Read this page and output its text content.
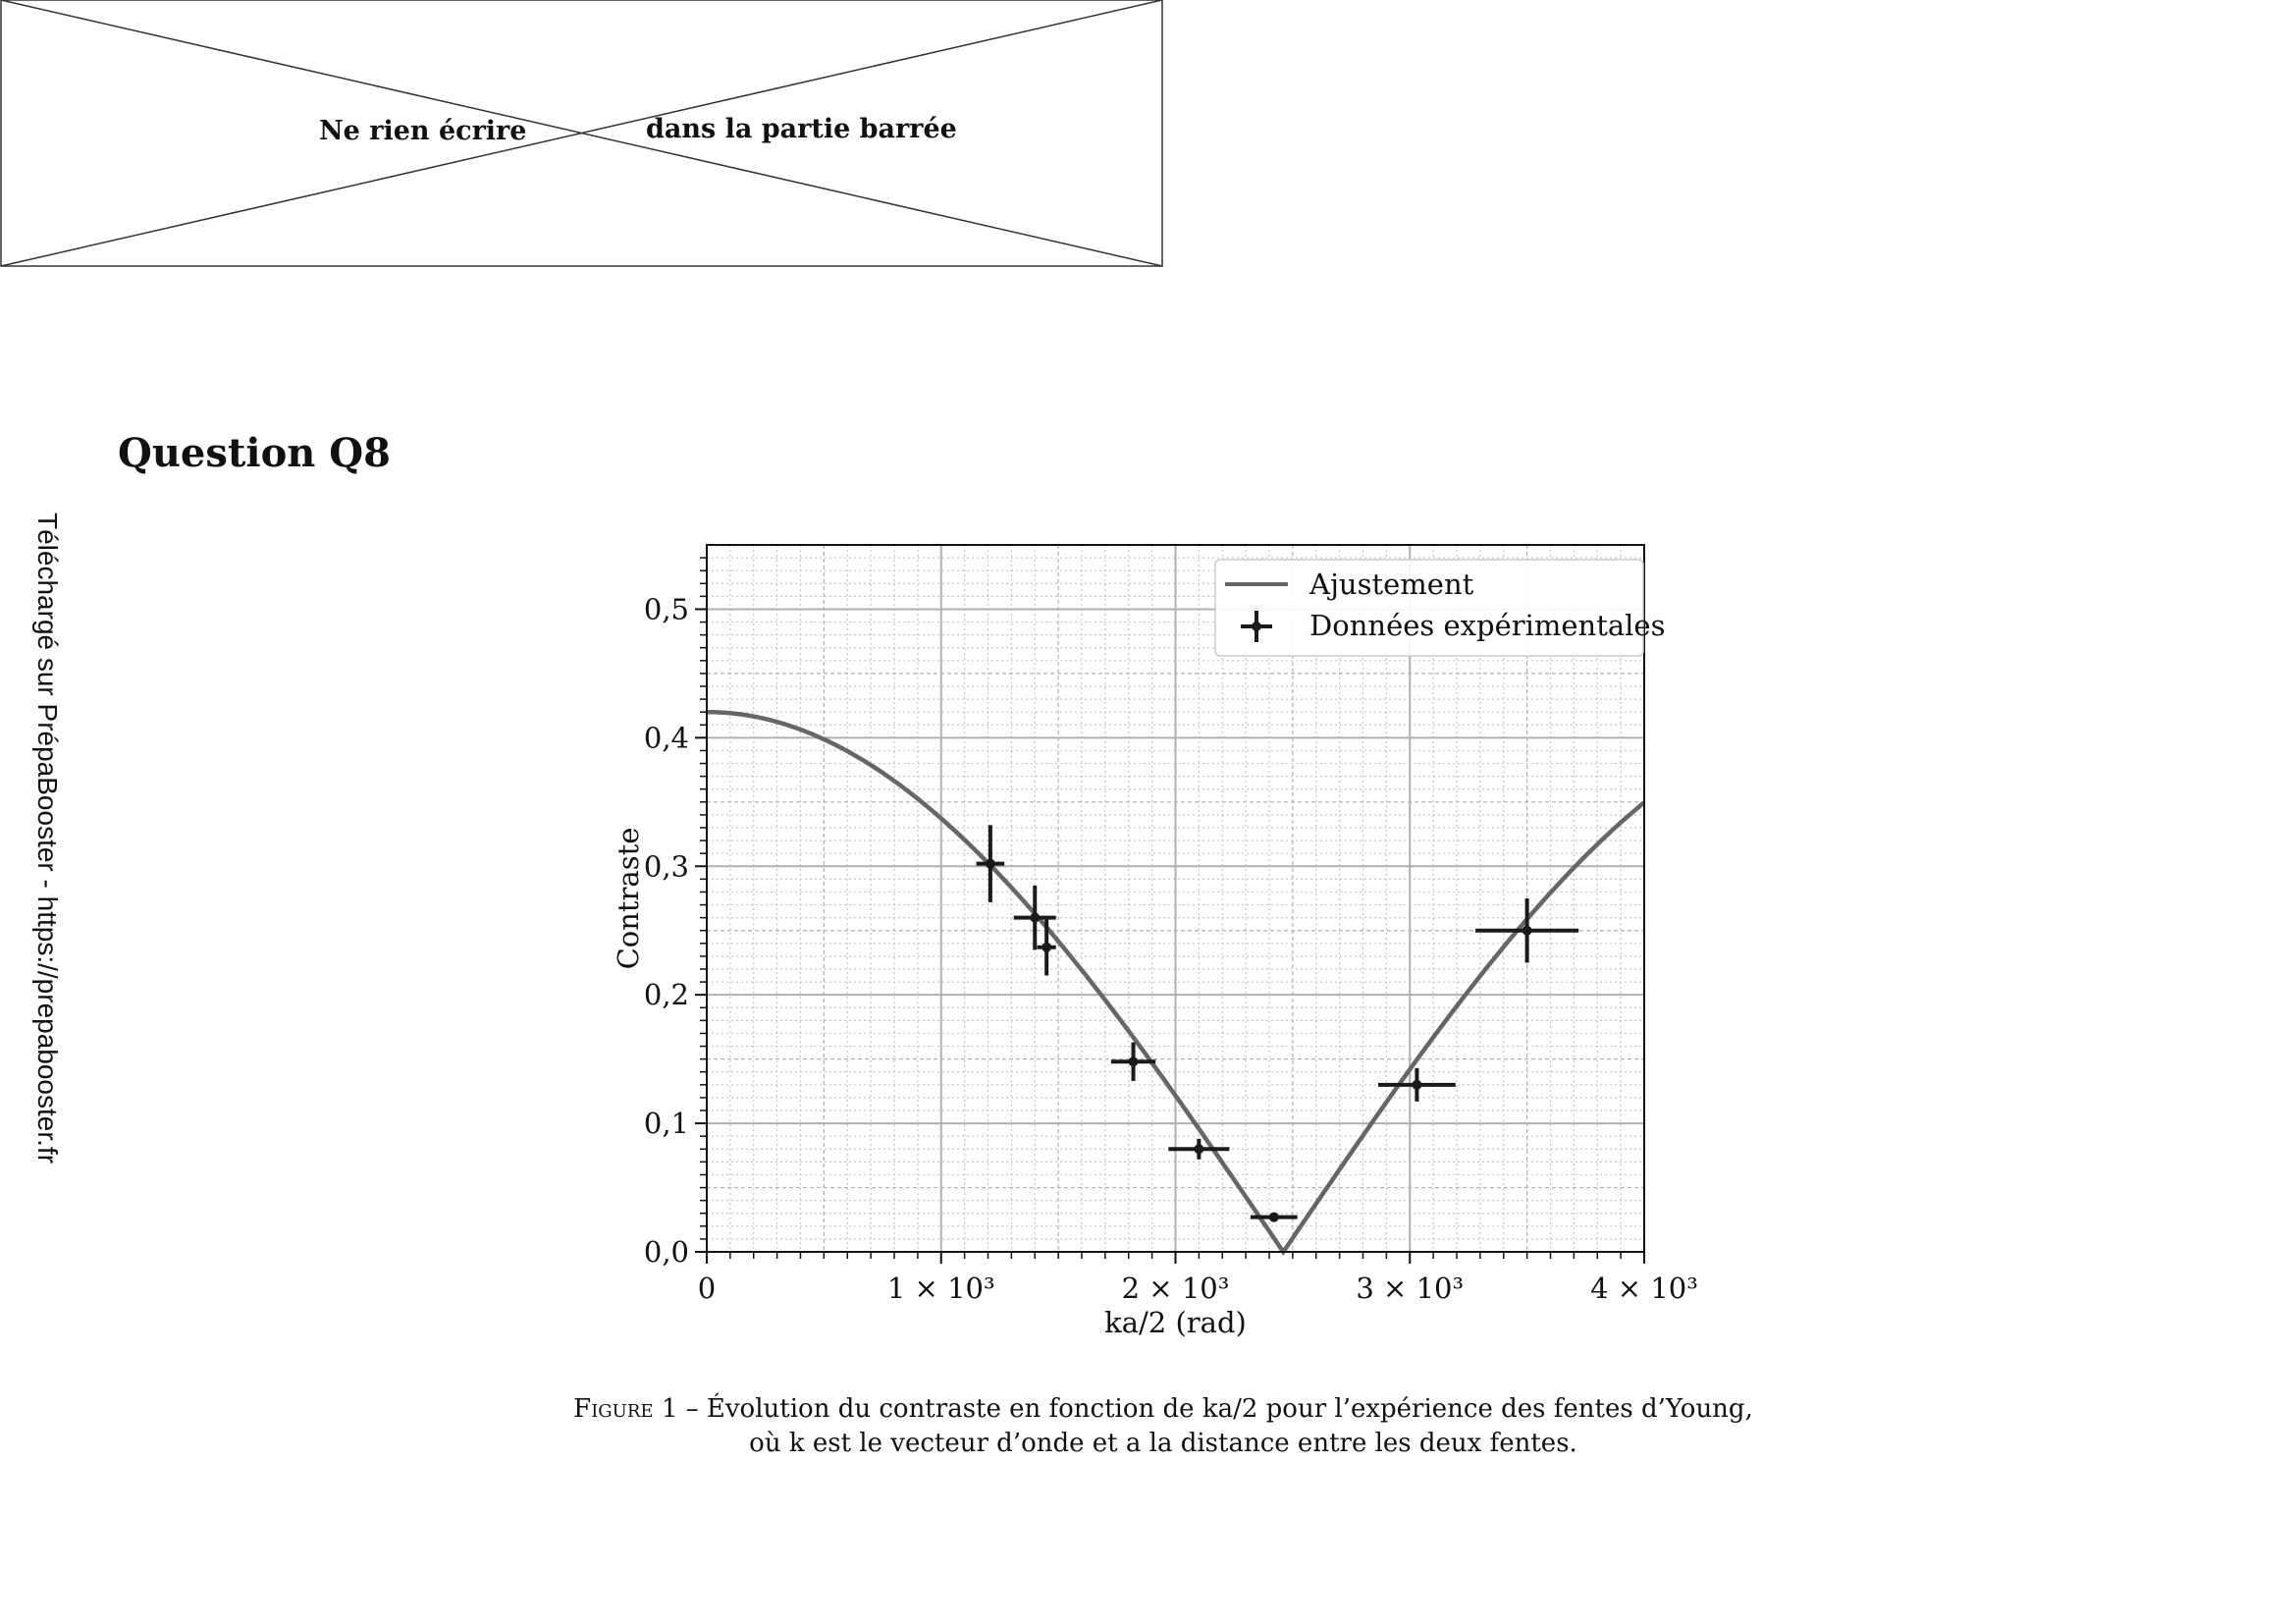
Ne rien écrire	dans la partie barrée
Téléchargé sur PrépaBooster - https://prepabooster.fr
Question Q8
0	1 × 10³	2 × 10³	3 × 10³	4 × 10³
0,0
0,1
0,2
0,3
0,4
0,5
ka/2 (rad)
Contraste
Ajustement
Données expérimentales
Figure 1 – Évolution du contraste en fonction de ka/2 pour l’expérience des fentes d’Young,
où k est le vecteur d’onde et a la distance entre les deux fentes.
